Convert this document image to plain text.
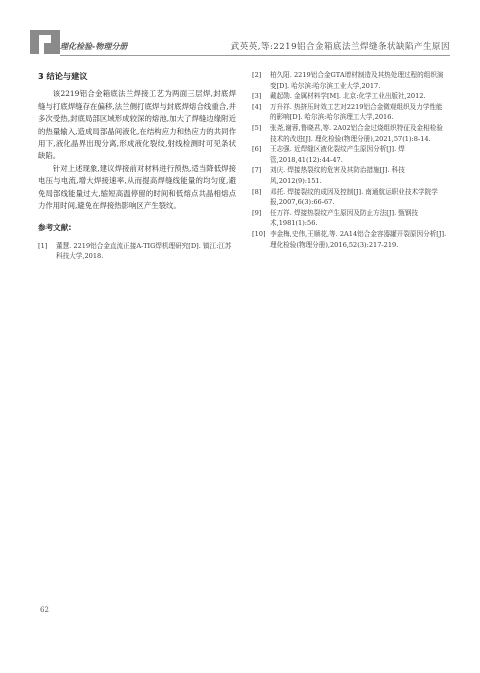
理化检验-物理分册	武英英,等:2219铝合金箱底法兰焊缝条状缺陷产生原因
3 结论与建议

该2219铝合金箱底法兰焊接工艺为两面三层焊,封底焊缝与打底焊缝存在偏移,法兰侧打底焊与封底焊熔合线重合,并多次受热,封底局部区域形成较深的熔池,加大了焊缝边缘附近的热量输入,造成局部晶间液化,在结构应力和热应力的共同作用下,液化晶界出现分离,形成液化裂纹,射线检测时可见条状缺陷。

针对上述现象,建议焊接前对材料进行预热,适当降低焊接电压与电流,增大焊接速率,从而提高焊缝线能量的均匀度,避免局部线能量过大,缩短高温停留的时间和低熔点共晶相熔点力作用时间,避免在焊接热影响区产生裂纹。

参考文献:
[1]	董慧. 2219铝合金直流正接A-TIG焊机理研究[D]. 镇江:江苏科技大学,2018.
[2]	柏久阳. 2219铝合金GTA增材制造及其热处理过程的组织演变[D]. 哈尔滨:哈尔滨工业大学,2017.
[3]	戴起勋. 金属材料学[M]. 北京:化学工业出版社,2012.
[4]	万升祥. 热挤压时效工艺对2219铝合金微观组织及力学性能的影响[D]. 哈尔滨:哈尔滨理工大学,2016.
[5]	张尧,谢蓉,鲁晓君,等. 2A02铝合金过烧组织特征及金相检验技术的改进[J]. 理化检验(物理分册),2021,57(1):8-14.
[6]	王志强. 近焊缝区液化裂纹产生原因分析[J]. 焊管,2018,41(12):44-47.
[7]	刘庆. 焊接热裂纹的危害及其防治措施[J]. 科技风,2012(9):151.
[8]	邓托. 焊接裂纹的成因及控制[J]. 南通航运职业技术学院学报,2007,6(3):66-67.
[9]	任万祥. 焊接热裂纹产生原因及防止方法[J]. 甄钢技术,1981(1):56.
[10] 李金梅,史伟,王顺花,等. 2A14铝合金容器罐开裂原因分析[J]. 理化检验(物理分册),2016,52(3):217-219.
62
